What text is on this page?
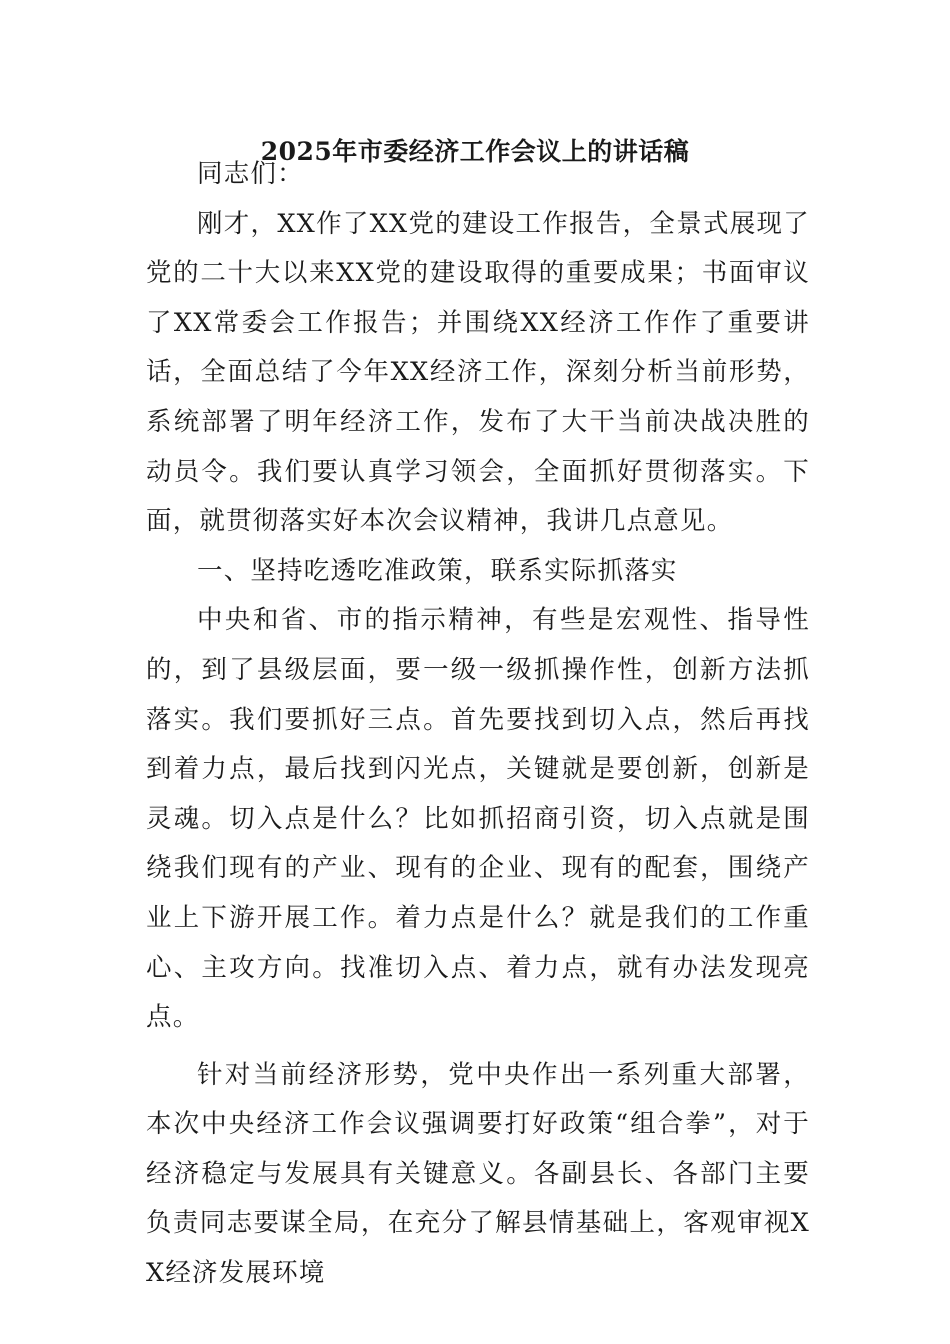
2025年市委经济工作会议上的讲话稿

同志们：

刚才，XX作了XX党的建设工作报告，全景式展现了党的二十大以来XX党的建设取得的重要成果；书面审议了XX常委会工作报告；并围绕XX经济工作作了重要讲话，全面总结了今年XX经济工作，深刻分析当前形势，系统部署了明年经济工作，发布了大干当前决战决胜的动员令。我们要认真学习领会，全面抓好贯彻落实。下面，就贯彻落实好本次会议精神，我讲几点意见。

一、坚持吃透吃准政策，联系实际抓落实

中央和省、市的指示精神，有些是宏观性、指导性的，到了县级层面，要一级一级抓操作性，创新方法抓落实。我们要抓好三点。首先要找到切入点，然后再找到着力点，最后找到闪光点，关键就是要创新，创新是灵魂。切入点是什么？比如抓招商引资，切入点就是围绕我们现有的产业、现有的企业、现有的配套，围绕产业上下游开展工作。着力点是什么？就是我们的工作重心、主攻方向。找准切入点、着力点，就有办法发现亮点。

针对当前经济形势，党中央作出一系列重大部署，本次中央经济工作会议强调要打好政策“组合拳”，对于经济稳定与发展具有关键意义。各副县长、各部门主要负责同志要谋全局，在充分了解县情基础上，客观审视XX经济发展环境
